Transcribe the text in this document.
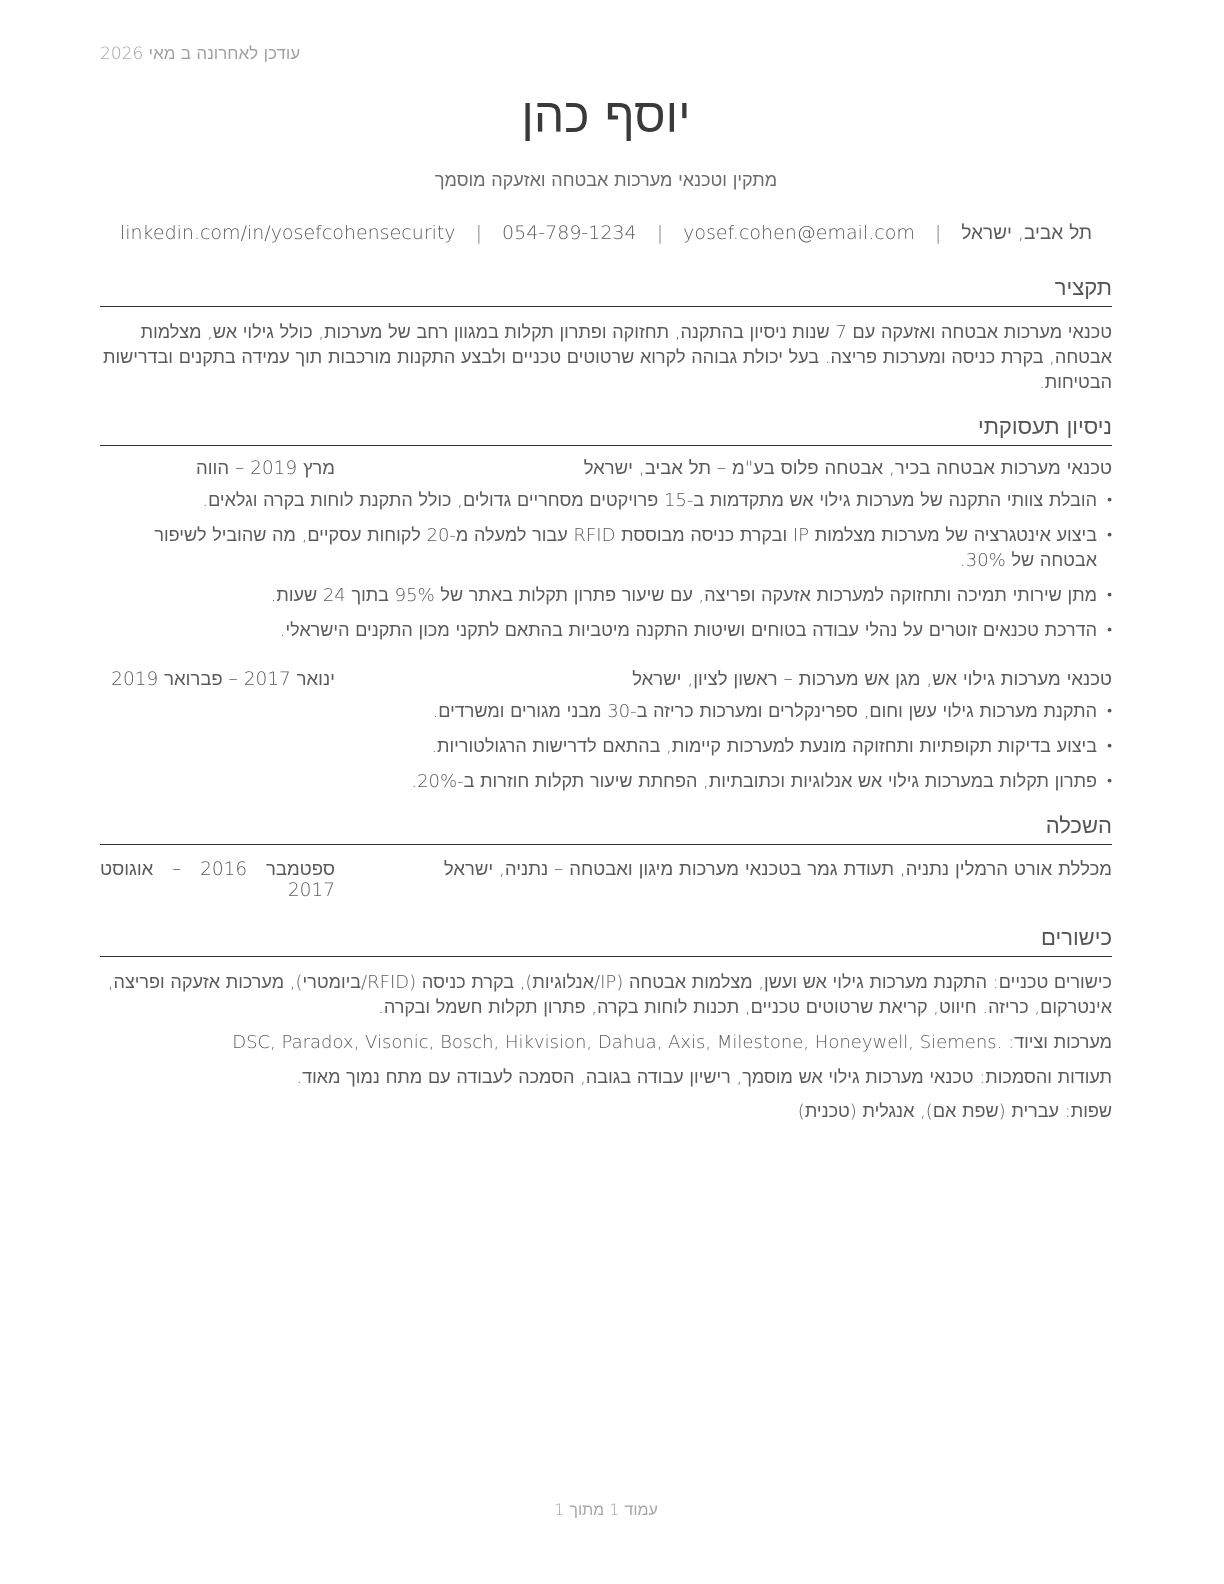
עודכן לאחרונה ב מאי 2026
יוסף כהן
מתקין וטכנאי מערכות אבטחה ואזעקה מוסמך
תל אביב, ישראל | yosef.cohen@email.com | 054-789-1234 | linkedin.com/in/yosefcohensecurity
תקציר
טכנאי מערכות אבטחה ואזעקה עם 7 שנות ניסיון בהתקנה, תחזוקה ופתרון תקלות במגוון רחב של מערכות, כולל גילוי אש, מצלמות אבטחה, בקרת כניסה ומערכות פריצה. בעל יכולת גבוהה לקרוא שרטוטים טכניים ולבצע התקנות מורכבות תוך עמידה בתקנים ובדרישות הבטיחות.
ניסיון תעסוקתי
טכנאי מערכות אבטחה בכיר, אבטחה פלוס בע"מ – תל אביב, ישראל
מרץ 2019 – הווה
• הובלת צוותי התקנה של מערכות גילוי אש מתקדמות ב-15 פרויקטים מסחריים גדולים, כולל התקנת לוחות בקרה וגלאים.
• ביצוע אינטגרציה של מערכות מצלמות IP ובקרת כניסה מבוססת RFID עבור למעלה מ-20 לקוחות עסקיים, מה שהוביל לשיפור אבטחה של 30%.
• מתן שירותי תמיכה ותחזוקה למערכות אזעקה ופריצה, עם שיעור פתרון תקלות באתר של 95% בתוך 24 שעות.
• הדרכת טכנאים זוטרים על נהלי עבודה בטוחים ושיטות התקנה מיטביות בהתאם לתקני מכון התקנים הישראלי.
טכנאי מערכות גילוי אש, מגן אש מערכות – ראשון לציון, ישראל
ינואר 2017 – פברואר 2019
• התקנת מערכות גילוי עשן וחום, ספרינקלרים ומערכות כריזה ב-30 מבני מגורים ומשרדים.
• ביצוע בדיקות תקופתיות ותחזוקה מונעת למערכות קיימות, בהתאם לדרישות הרגולטוריות.
• פתרון תקלות במערכות גילוי אש אנלוגיות וכתובתיות, הפחתת שיעור תקלות חוזרות ב-20%.
השכלה
מכללת אורט הרמלין נתניה, תעודת גמר בטכנאי מערכות מיגון ואבטחה – נתניה, ישראל
ספטמבר 2016 – אוגוסט
2017
כישורים
כישורים טכניים: התקנת מערכות גילוי אש ועשן, מצלמות אבטחה (IP/אנלוגיות), בקרת כניסה (RFID/ביומטרי), מערכות אזעקה ופריצה, אינטרקום, כריזה. חיווט, קריאת שרטוטים טכניים, תכנות לוחות בקרה, פתרון תקלות חשמל ובקרה.
מערכות וציוד: DSC, Paradox, Visonic, Bosch, Hikvision, Dahua, Axis, Milestone, Honeywell, Siemens.
תעודות והסמכות: טכנאי מערכות גילוי אש מוסמך, רישיון עבודה בגובה, הסמכה לעבודה עם מתח נמוך מאוד.
שפות: עברית (שפת אם), אנגלית (טכנית)
עמוד 1 מתוך 1
